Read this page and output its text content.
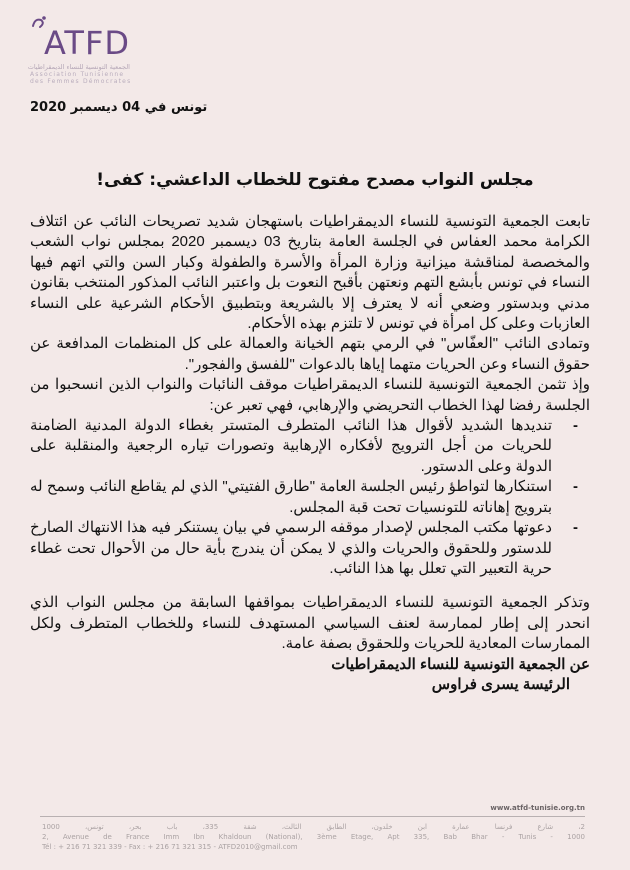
ATFD
الجمعية التونسية للنساء الديمقراطيات
Association Tunisienne
des Femmes Démocrates
تونس في 04 ديسمبر 2020
مجلس النواب مصدح مفتوح للخطاب الداعشي: كفى!

تابعت الجمعية التونسية للنساء الديمقراطيات باستهجان شديد تصريحات النائب عن ائتلاف الكرامة محمد العفاس في الجلسة العامة بتاريخ 03 ديسمبر 2020 بمجلس نواب الشعب والمخصصة لمناقشة ميزانية وزارة المرأة والأسرة والطفولة وكبار السن والتي اتهم فيها النساء في تونس بأبشع التهم ونعتهن بأقبح النعوت بل واعتبر النائب المذكور المنتخب بقانون مدني وبدستور وضعي أنه لا يعترف إلا بالشريعة وبتطبيق الأحكام الشرعية على النساء العازبات وعلى كل امرأة في تونس لا تلتزم بهذه الأحكام.

وتمادى النائب "العفّاس" في الرمي بتهم الخيانة والعمالة على كل المنظمات المدافعة عن حقوق النساء وعن الحريات متهما إياها بالدعوات "للفسق والفجور".

وإذ تثمن الجمعية التونسية للنساء الديمقراطيات موقف النائبات والنواب الذين انسحبوا من الجلسة رفضا لهذا الخطاب التحريضي والإرهابي، فهي تعبر عن:

- تنديدها الشديد لأقوال هذا النائب المتطرف المتستر بغطاء الدولة المدنية الضامنة للحريات من أجل الترويج لأفكاره الإرهابية وتصورات تياره الرجعية والمنقلبة على الدولة وعلى الدستور.
- استنكارها لتواطؤ رئيس الجلسة العامة "طارق الفتيتي" الذي لم يقاطع النائب وسمح له بترويج إهاناته للتونسيات تحت قبة المجلس.
- دعوتها مكتب المجلس لإصدار موقفه الرسمي في بيان يستنكر فيه هذا الانتهاك الصارخ للدستور وللحقوق والحريات والذي لا يمكن أن يندرج بأية حال من الأحوال تحت غطاء حرية التعبير التي تعلل بها هذا النائب.

وتذكر الجمعية التونسية للنساء الديمقراطيات بمواقفها السابقة من مجلس النواب الذي انحدر إلى إطار لممارسة لعنف السياسي المستهدف للنساء وللخطاب المتطرف ولكل الممارسات المعادية للحريات وللحقوق بصفة عامة.

عن الجمعية التونسية للنساء الديمقراطيات

الرئيسة يسرى فراوس

www.atfd-tunisie.org.tn
2، شارع فرنسا عمارة ابن خلدون، الطابق الثالث، شقة 335، باب بحر، تونس، 1000
2, Avenue de France Imm Ibn Khaldoun (National), 3ème Etage, Apt 335, Bab Bhar - Tunis - 1000
Tél : + 216 71 321 339 - Fax : + 216 71 321 315 - ATFD2010@gmail.com
